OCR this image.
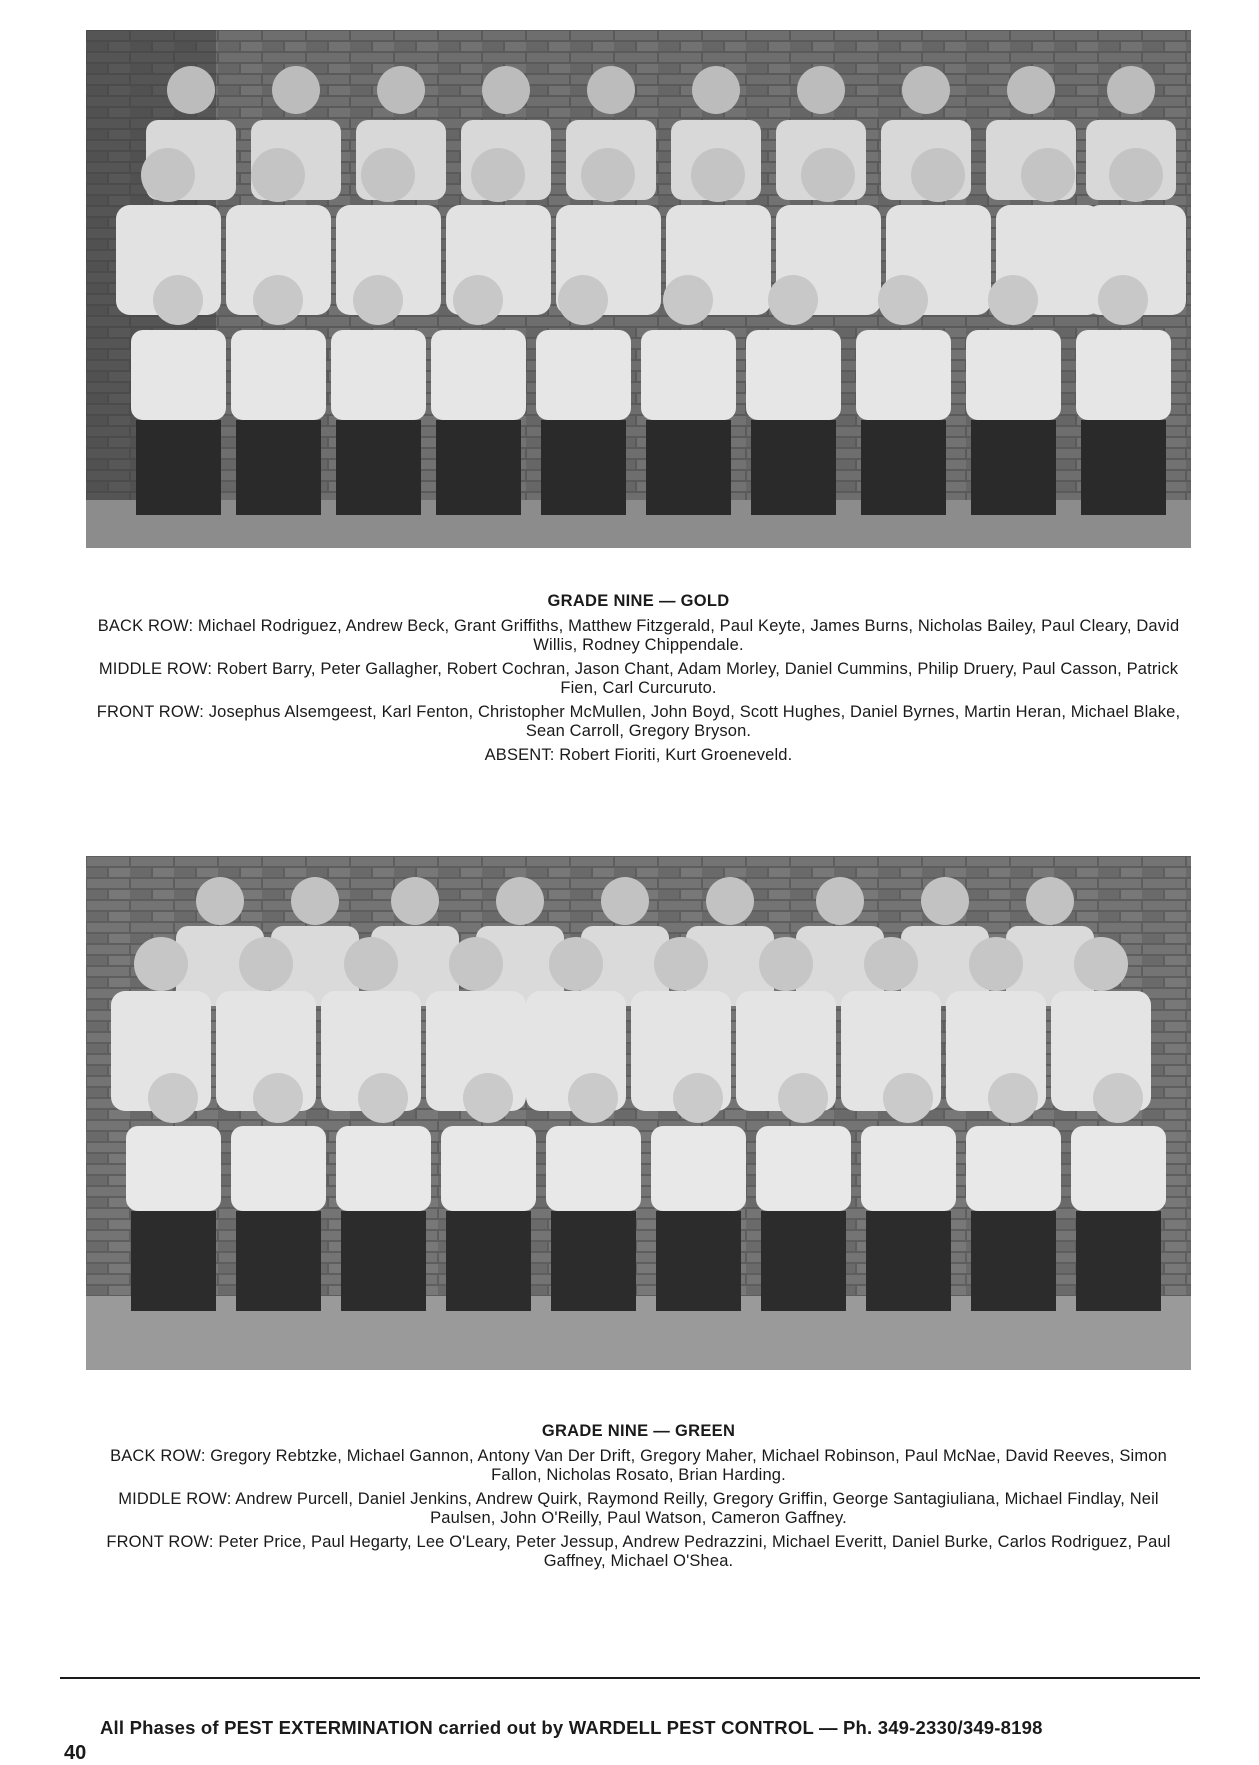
GRADE NINE — GOLD

BACK ROW: Michael Rodriguez, Andrew Beck, Grant Griffiths, Matthew Fitzgerald, Paul Keyte, James Burns, Nicholas Bailey, Paul Cleary, David Willis, Rodney Chippendale.

MIDDLE ROW: Robert Barry, Peter Gallagher, Robert Cochran, Jason Chant, Adam Morley, Daniel Cummins, Philip Druery, Paul Casson, Patrick Fien, Carl Curcuruto.

FRONT ROW: Josephus Alsemgeest, Karl Fenton, Christopher McMullen, John Boyd, Scott Hughes, Daniel Byrnes, Martin Heran, Michael Blake, Sean Carroll, Gregory Bryson.

ABSENT: Robert Fioriti, Kurt Groeneveld.

GRADE NINE — GREEN

BACK ROW: Gregory Rebtzke, Michael Gannon, Antony Van Der Drift, Gregory Maher, Michael Robinson, Paul McNae, David Reeves, Simon Fallon, Nicholas Rosato, Brian Harding.

MIDDLE ROW: Andrew Purcell, Daniel Jenkins, Andrew Quirk, Raymond Reilly, Gregory Griffin, George Santagiuliana, Michael Findlay, Neil Paulsen, John O'Reilly, Paul Watson, Cameron Gaffney.

FRONT ROW: Peter Price, Paul Hegarty, Lee O'Leary, Peter Jessup, Andrew Pedrazzini, Michael Everitt, Daniel Burke, Carlos Rodriguez, Paul Gaffney, Michael O'Shea.

All Phases of PEST EXTERMINATION carried out by WARDELL PEST CONTROL — Ph. 349-2330/349-8198
40
